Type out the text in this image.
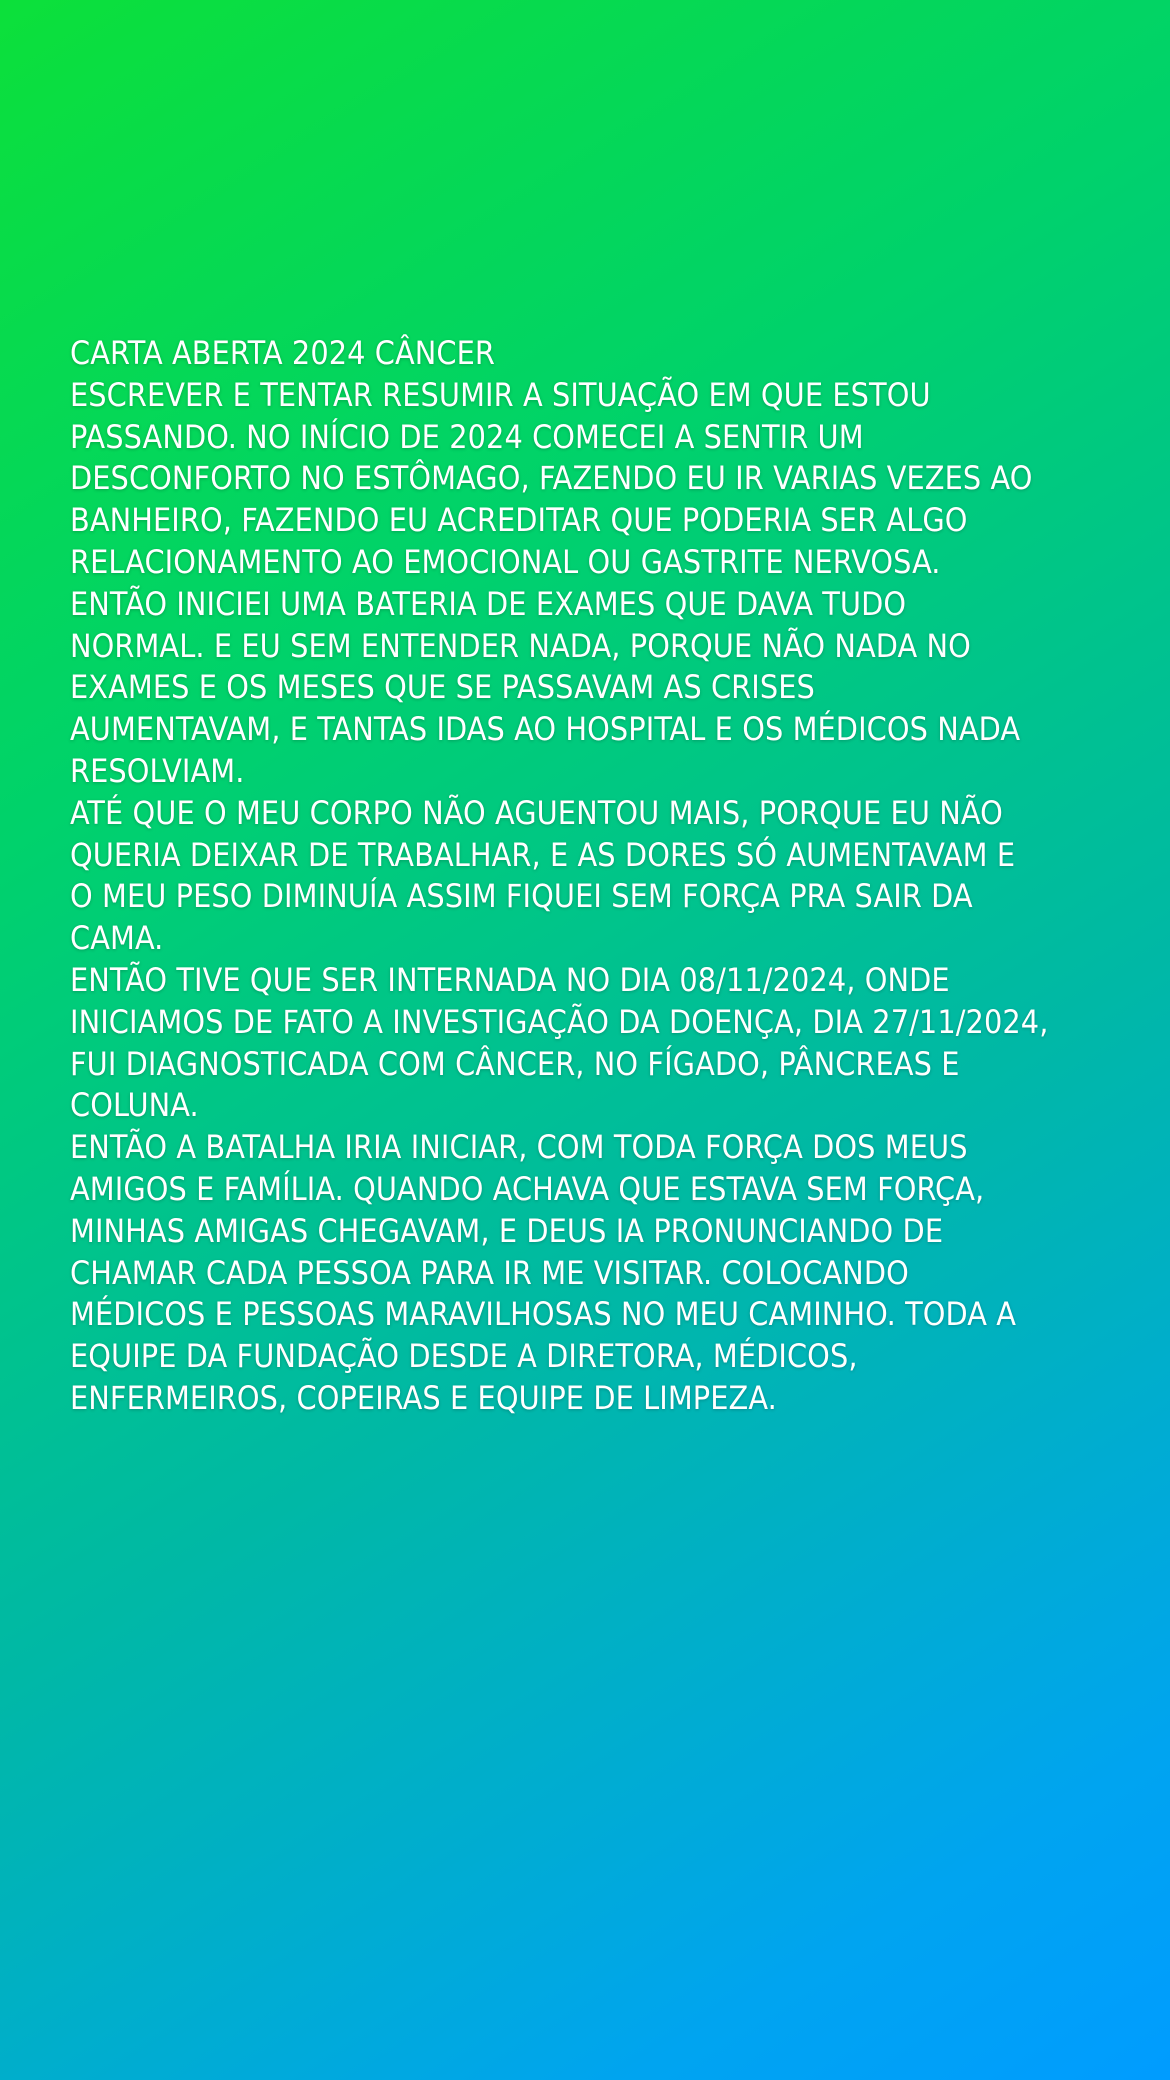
CARTA ABERTA 2024 CÂNCER
ESCREVER E TENTAR RESUMIR A SITUAÇÃO EM QUE ESTOU
PASSANDO. NO INÍCIO DE 2024 COMECEI A SENTIR UM
DESCONFORTO NO ESTÔMAGO, FAZENDO EU IR VARIAS VEZES AO
BANHEIRO, FAZENDO EU ACREDITAR QUE PODERIA SER ALGO
RELACIONAMENTO AO EMOCIONAL OU GASTRITE NERVOSA.
ENTÃO INICIEI UMA BATERIA DE EXAMES QUE DAVA TUDO
NORMAL. E EU SEM ENTENDER NADA, PORQUE NÃO NADA NO
EXAMES E OS MESES QUE SE PASSAVAM AS CRISES
AUMENTAVAM, E TANTAS IDAS AO HOSPITAL E OS MÉDICOS NADA
RESOLVIAM.
ATÉ QUE O MEU CORPO NÃO AGUENTOU MAIS, PORQUE EU NÃO
QUERIA DEIXAR DE TRABALHAR, E AS DORES SÓ AUMENTAVAM E
O MEU PESO DIMINUÍA ASSIM FIQUEI SEM FORÇA PRA SAIR DA
CAMA.
ENTÃO TIVE QUE SER INTERNADA NO DIA 08/11/2024, ONDE
INICIAMOS DE FATO A INVESTIGAÇÃO DA DOENÇA, DIA 27/11/2024,
FUI DIAGNOSTICADA COM CÂNCER, NO FÍGADO, PÂNCREAS E
COLUNA.
ENTÃO A BATALHA IRIA INICIAR, COM TODA FORÇA DOS MEUS
AMIGOS E FAMÍLIA. QUANDO ACHAVA QUE ESTAVA SEM FORÇA,
MINHAS AMIGAS CHEGAVAM, E DEUS IA PRONUNCIANDO DE
CHAMAR CADA PESSOA PARA IR ME VISITAR. COLOCANDO
MÉDICOS E PESSOAS MARAVILHOSAS NO MEU CAMINHO. TODA A
EQUIPE DA FUNDAÇÃO DESDE A DIRETORA, MÉDICOS,
ENFERMEIROS, COPEIRAS E EQUIPE DE LIMPEZA.
